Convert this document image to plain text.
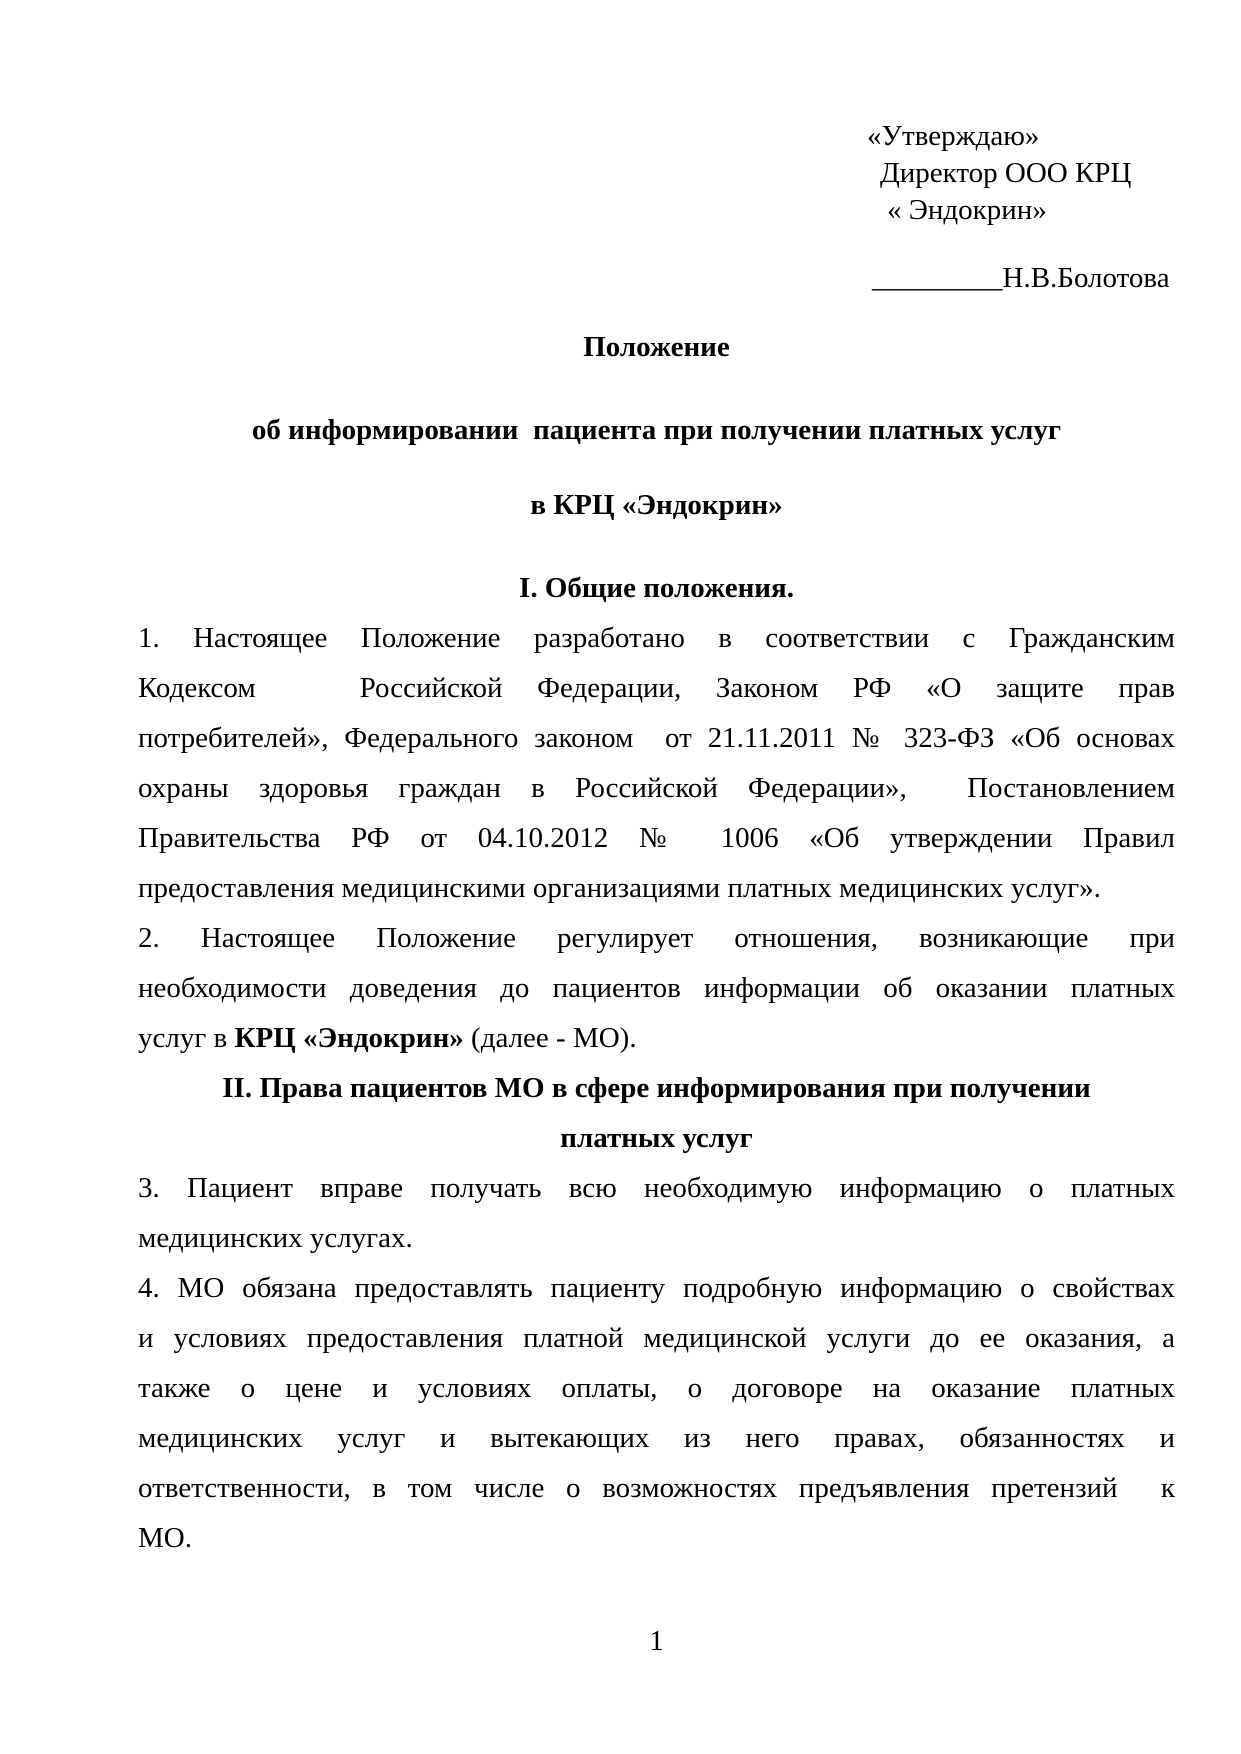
«Утверждаю»
Директор ООО КРЦ
« Эндокрин»
_________Н.В.Болотова
Положение
об информировании  пациента при получении платных услуг
в КРЦ «Эндокрин»
I. Общие положения.
1. Настоящее Положение разработано в соответствии с Гражданским
Кодексом   Российской Федерации, Законом РФ «О защите прав
потребителей», Федерального законом  от 21.11.2011 № 323-ФЗ «Об основах
охраны здоровья граждан в Российской Федерации»,  Постановлением
Правительства РФ от 04.10.2012 № 1006 «Об утверждении Правил
предоставления медицинскими организациями платных медицинских услуг».
2. Настоящее Положение регулирует отношения, возникающие при
необходимости доведения до пациентов информации об оказании платных
услуг в КРЦ «Эндокрин» (далее - МО).
II. Права пациентов МО в сфере информирования при получении
платных услуг
3. Пациент вправе получать всю необходимую информацию о платных
медицинских услугах.
4. МО обязана предоставлять пациенту подробную информацию о свойствах
и условиях предоставления платной медицинской услуги до ее оказания, а
также о цене и условиях оплаты, о договоре на оказание платных
медицинских услуг и вытекающих из него правах, обязанностях и
ответственности, в том числе о возможностях предъявления претензий  к
МО.
1
